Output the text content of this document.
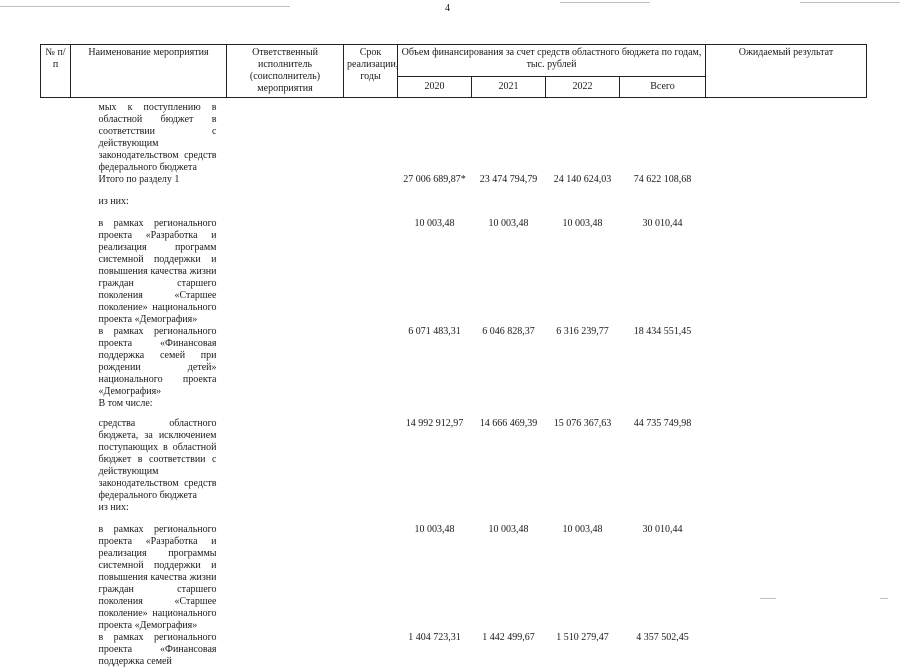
4
№ п/п	Наименование мероприятия	Ответственный исполнитель (соисполнитель) мероприятия	Срок реализации, годы	Объем финансирования за счет средств областного бюджета по годам, тыс. рублей				Ожидаемый результат
				2020	2021	2022	Всего	
	мых к поступлению в областной бюджет в соответствии с действующим законодательством средств федерального бюджета							
	Итого по разделу 1			27 006 689,87*	23 474 794,79	24 140 624,03	74 622 108,68	
	из них:							
	в рамках регионального проекта «Разработка и реализация программ системной поддержки и повышения качества жизни граждан старшего поколения «Старшее поколение» национального проекта «Демография»			10 003,48	10 003,48	10 003,48	30 010,44	
	в рамках регионального проекта «Финансовая поддержка семей при рождении детей» национального проекта «Демография»			6 071 483,31	6 046 828,37	6 316 239,77	18 434 551,45	
	В том числе:							
	средства областного бюджета, за исключением поступающих в областной бюджет в соответствии с действующим законодательством средств федерального бюджета			14 992 912,97	14 666 469,39	15 076 367,63	44 735 749,98	
	из них:							
	в рамках регионального проекта «Разработка и реализация программы системной поддержки и повышения качества жизни граждан старшего поколения «Старшее поколение» национального проекта «Демография»			10 003,48	10 003,48	10 003,48	30 010,44	
	в рамках регионального проекта «Финансовая поддержка семей			1 404 723,31	1 442 499,67	1 510 279,47	4 357 502,45	
